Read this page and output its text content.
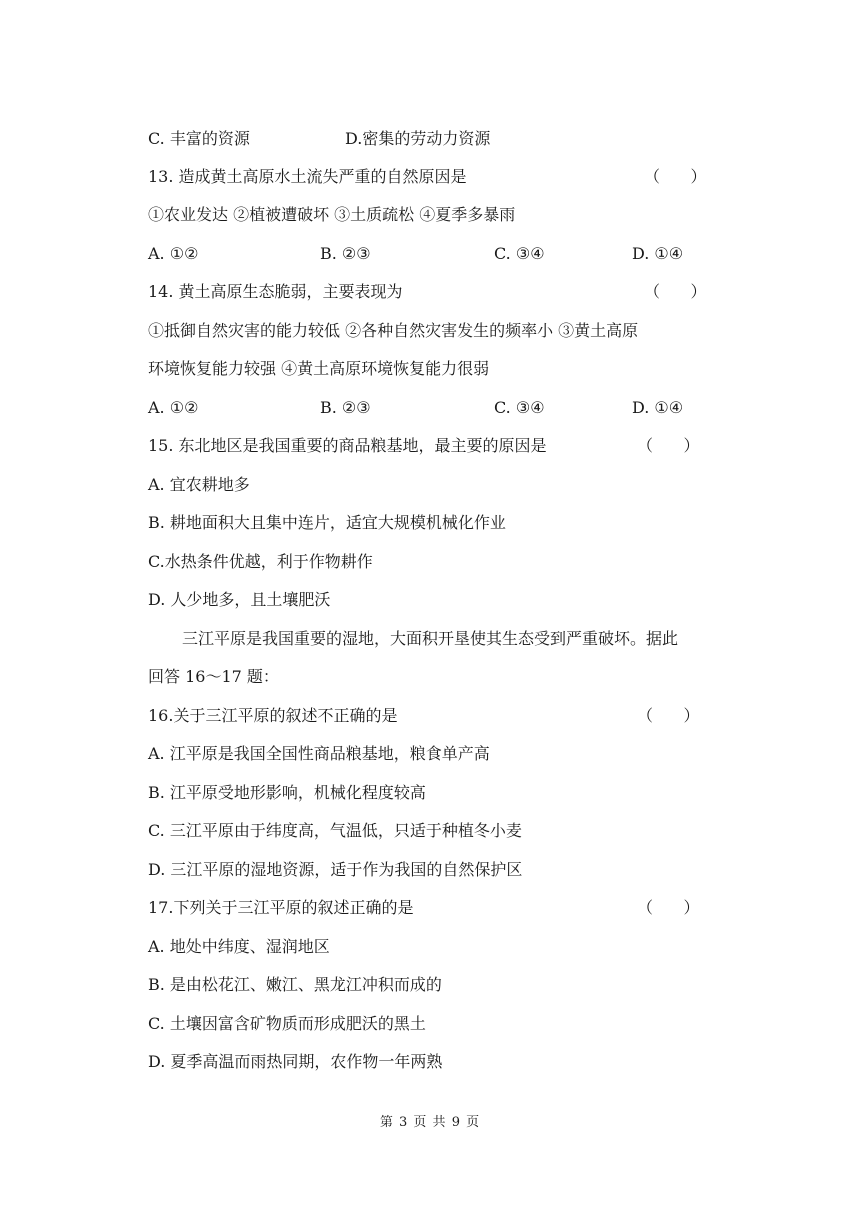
C. 丰富的资源	D.密集的劳动力资源
13. 造成黄土高原水土流失严重的自然原因是	（      ）
①农业发达 ②植被遭破坏 ③土质疏松 ④夏季多暴雨
A. ①②	B. ②③	C. ③④	D. ①④
14. 黄土高原生态脆弱，主要表现为	（      ）
①抵御自然灾害的能力较低 ②各种自然灾害发生的频率小 ③黄土高原
环境恢复能力较强 ④黄土高原环境恢复能力很弱
A. ①②	B. ②③	C. ③④	D. ①④
15. 东北地区是我国重要的商品粮基地，最主要的原因是	（      ）
A. 宜农耕地多
B. 耕地面积大且集中连片，适宜大规模机械化作业
C.水热条件优越，利于作物耕作
D. 人少地多，且土壤肥沃
三江平原是我国重要的湿地，大面积开垦使其生态受到严重破坏。据此
回答 16～17 题：
16.关于三江平原的叙述不正确的是	（      ）
A. 江平原是我国全国性商品粮基地，粮食单产高
B. 江平原受地形影响，机械化程度较高
C. 三江平原由于纬度高，气温低，只适于种植冬小麦
D. 三江平原的湿地资源，适于作为我国的自然保护区
17.下列关于三江平原的叙述正确的是	（      ）
A. 地处中纬度、湿润地区
B. 是由松花江、嫩江、黑龙江冲积而成的
C. 土壤因富含矿物质而形成肥沃的黑土
D. 夏季高温而雨热同期，农作物一年两熟
第 3 页 共 9 页
